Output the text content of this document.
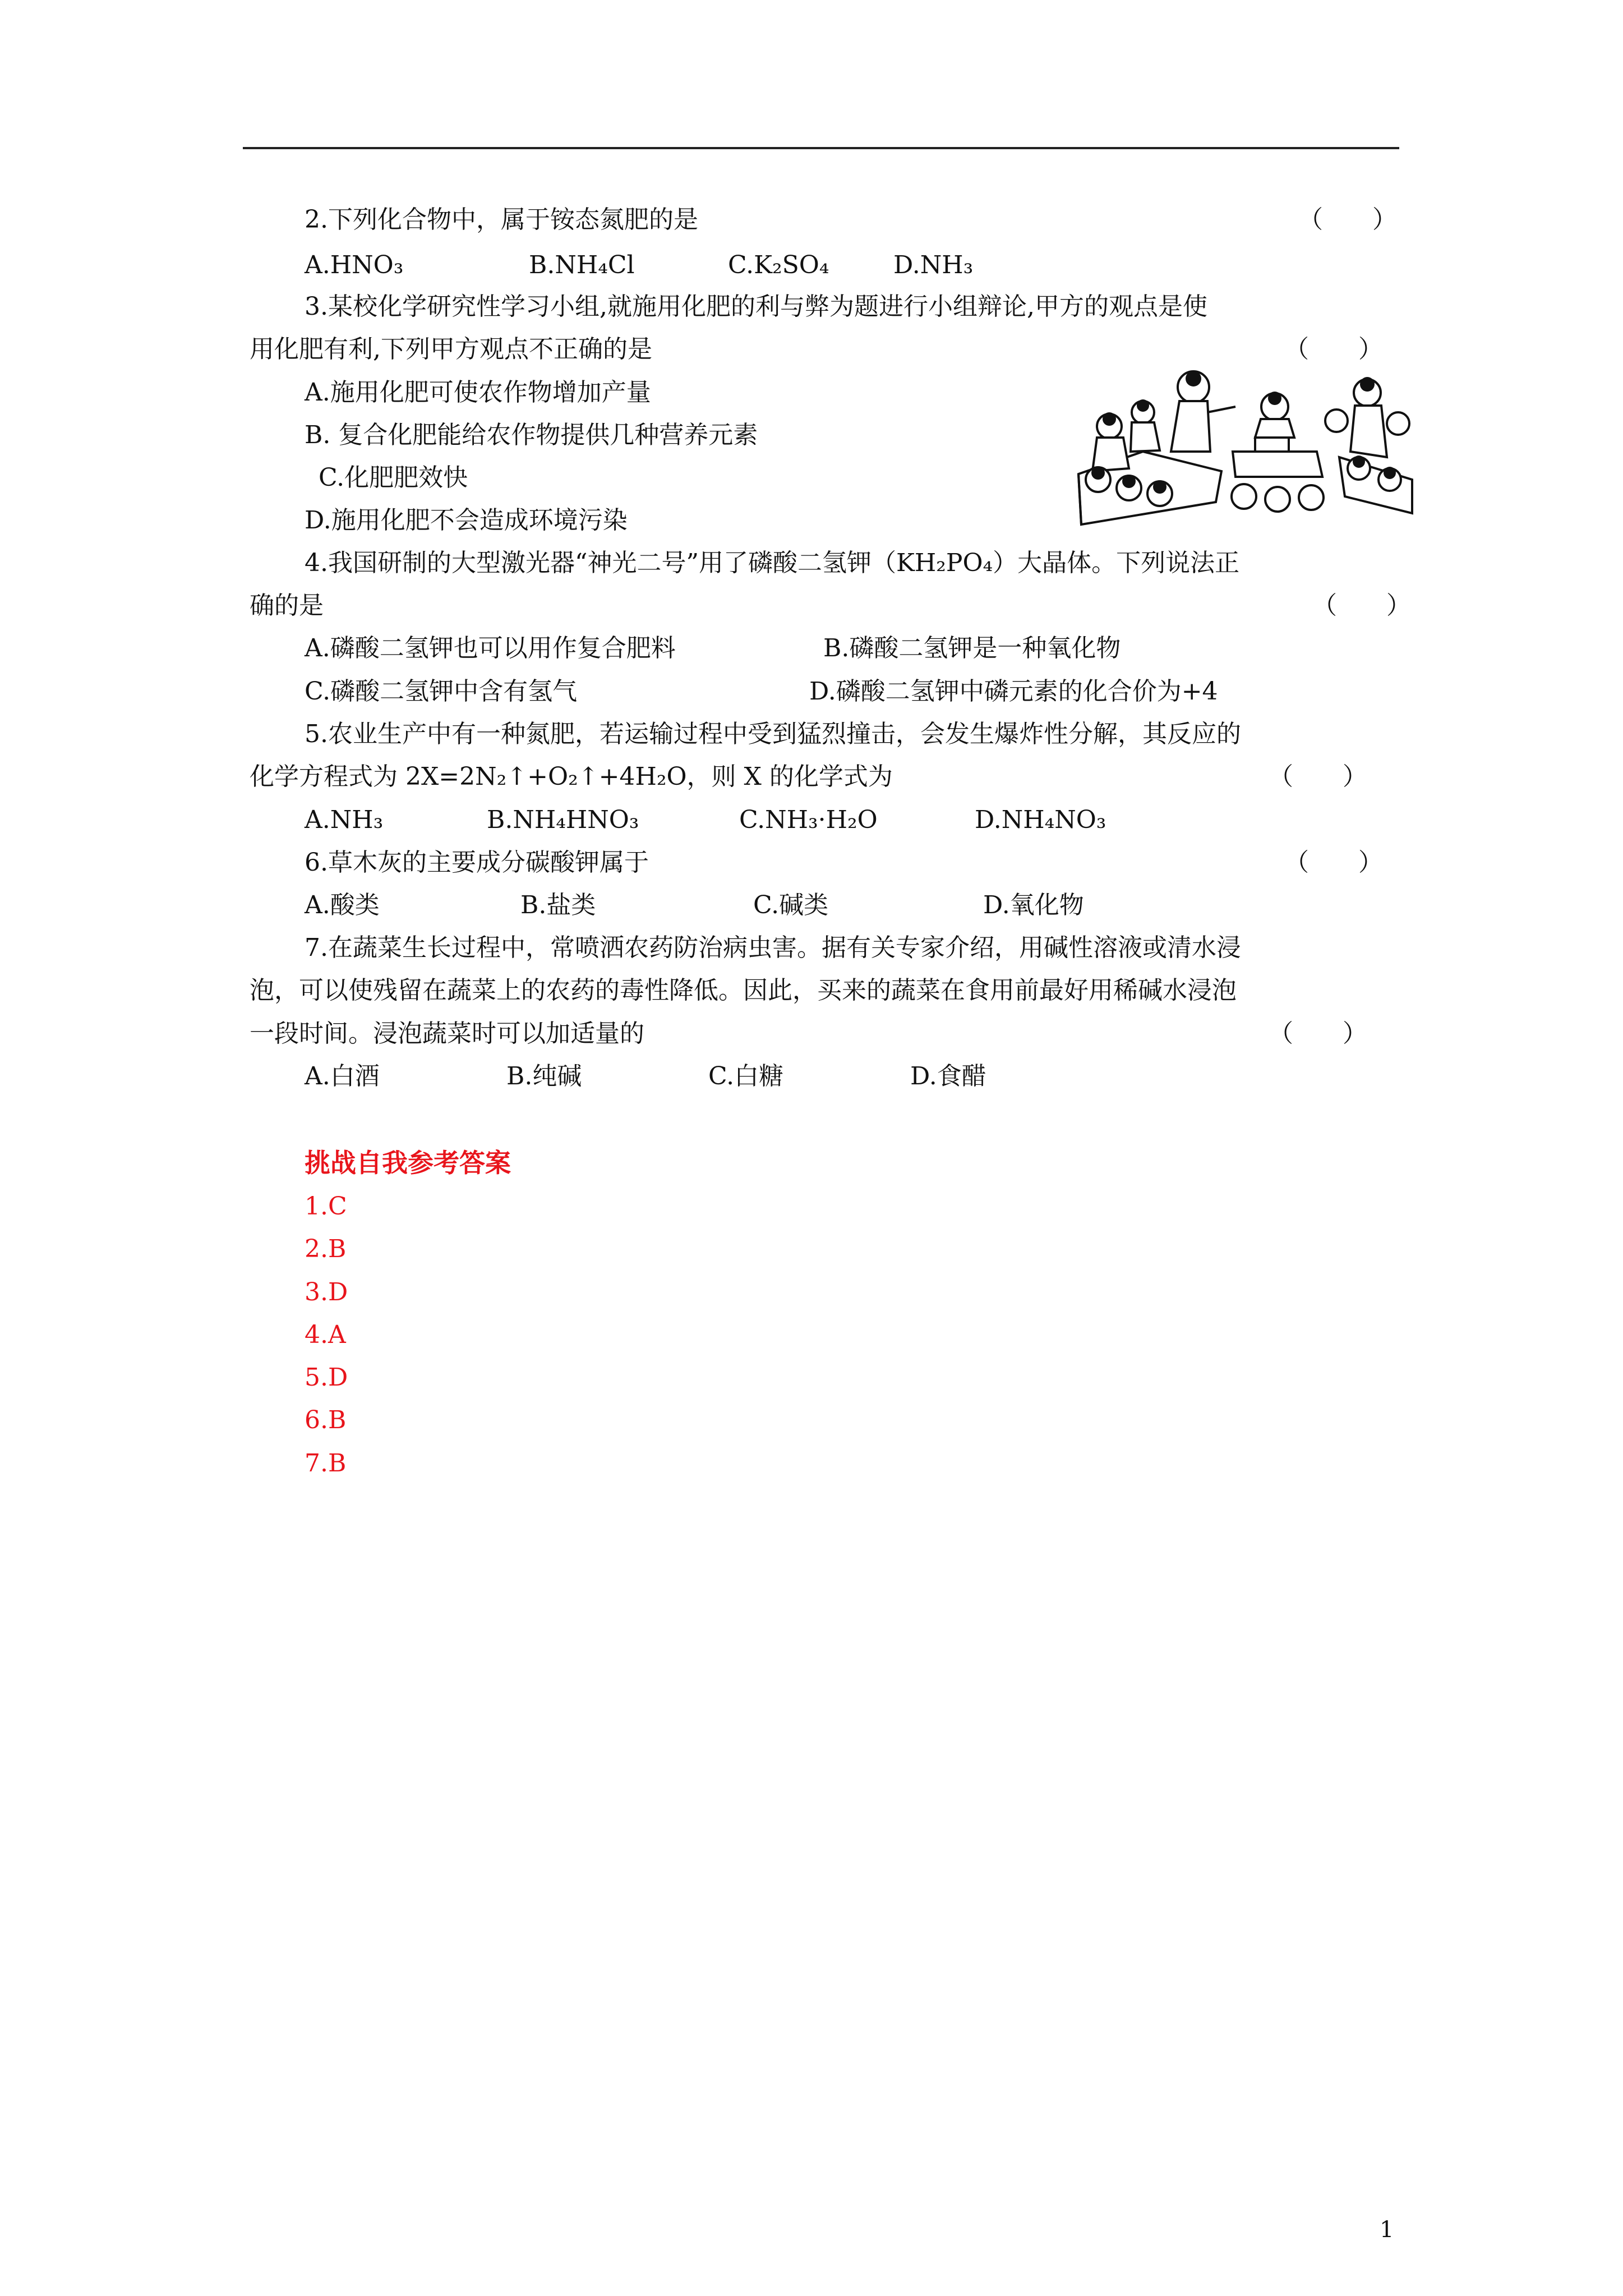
2.下列化合物中，属于铵态氮肥的是	（　　）
A.HNO₃	B.NH₄Cl	C.K₂SO₄	D.NH₃
3.某校化学研究性学习小组,就施用化肥的利与弊为题进行小组辩论,甲方的观点是使
用化肥有利,下列甲方观点不正确的是	（　　）
A.施用化肥可使农作物增加产量
B. 复合化肥能给农作物提供几种营养元素
C.化肥肥效快
D.施用化肥不会造成环境污染
4.我国研制的大型激光器“神光二号”用了磷酸二氢钾（KH₂PO₄）大晶体。下列说法正
确的是	（　　）
A.磷酸二氢钾也可以用作复合肥料	B.磷酸二氢钾是一种氧化物
C.磷酸二氢钾中含有氢气	D.磷酸二氢钾中磷元素的化合价为+4
5.农业生产中有一种氮肥，若运输过程中受到猛烈撞击，会发生爆炸性分解，其反应的
化学方程式为 2X=2N₂↑+O₂↑+4H₂O，则 X 的化学式为	（　　）
A.NH₃	B.NH₄HNO₃	C.NH₃·H₂O	D.NH₄NO₃
6.草木灰的主要成分碳酸钾属于	（　　）
A.酸类	B.盐类	C.碱类	D.氧化物
7.在蔬菜生长过程中，常喷洒农药防治病虫害。据有关专家介绍，用碱性溶液或清水浸
泡，可以使残留在蔬菜上的农药的毒性降低。因此，买来的蔬菜在食用前最好用稀碱水浸泡
一段时间。浸泡蔬菜时可以加适量的	（　　）
A.白酒	B.纯碱	C.白糖	D.食醋
挑战自我参考答案
1.C
2.B
3.D
4.A
5.D
6.B
7.B
1
